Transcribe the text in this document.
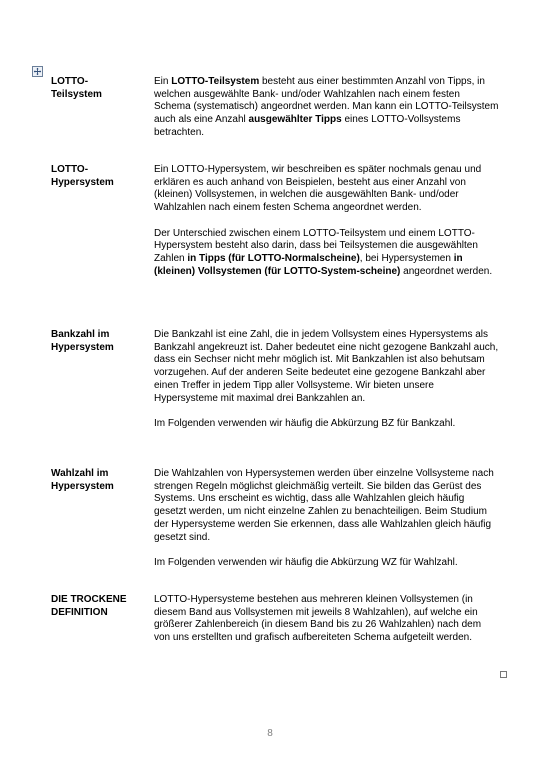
LOTTO-
Teilsystem

Ein LOTTO-Teilsystem besteht aus einer bestimmten Anzahl von Tipps, in welchen ausgewählte Bank- und/oder Wahlzahlen nach einem festen Schema (systematisch) angeordnet werden. Man kann ein LOTTO-Teilsystem auch als eine Anzahl ausgewählter Tipps eines LOTTO-Vollsystems betrachten.

LOTTO-
Hypersystem

Ein LOTTO-Hypersystem, wir beschreiben es später nochmals genau und erklären es auch anhand von Beispielen, besteht aus einer Anzahl von (kleinen) Vollsystemen, in welchen die ausgewählten Bank- und/oder Wahlzahlen nach einem festen Schema angeordnet werden.

Der Unterschied zwischen einem LOTTO-Teilsystem und einem LOTTO-Hypersystem besteht also darin, dass bei Teilsystemen die ausgewählten Zahlen in Tipps (für LOTTO-Normalscheine), bei Hypersystemen in (kleinen) Vollsystemen (für LOTTO-System-scheine) angeordnet werden.

Bankzahl im
Hypersystem

Die Bankzahl ist eine Zahl, die in jedem Vollsystem eines Hypersystems als Bankzahl angekreuzt ist. Daher bedeutet eine nicht gezogene Bankzahl auch, dass ein Sechser nicht mehr möglich ist. Mit Bankzahlen ist also behutsam vorzugehen. Auf der anderen Seite bedeutet eine gezogene Bankzahl aber einen Treffer in jedem Tipp aller Vollsysteme. Wir bieten unsere Hypersysteme mit maximal drei Bankzahlen an.

Im Folgenden verwenden wir häufig die Abkürzung BZ für Bankzahl.

Wahlzahl im
Hypersystem

Die Wahlzahlen von Hypersystemen werden über einzelne Vollsysteme nach strengen Regeln möglichst gleichmäßig verteilt. Sie bilden das Gerüst des Systems. Uns erscheint es wichtig, dass alle Wahlzahlen gleich häufig gesetzt werden, um nicht einzelne Zahlen zu benachteiligen. Beim Studium der Hypersysteme werden Sie erkennen, dass alle Wahlzahlen gleich häufig gesetzt sind.

Im Folgenden verwenden wir häufig die Abkürzung WZ für Wahlzahl.

DIE TROCKENE
DEFINITION

LOTTO-Hypersysteme bestehen aus mehreren kleinen Vollsystemen (in diesem Band aus Vollsystemen mit jeweils 8 Wahlzahlen), auf welche ein größerer Zahlenbereich (in diesem Band bis zu 26 Wahlzahlen) nach dem von uns erstellten und grafisch aufbereiteten Schema aufgeteilt werden.

8
